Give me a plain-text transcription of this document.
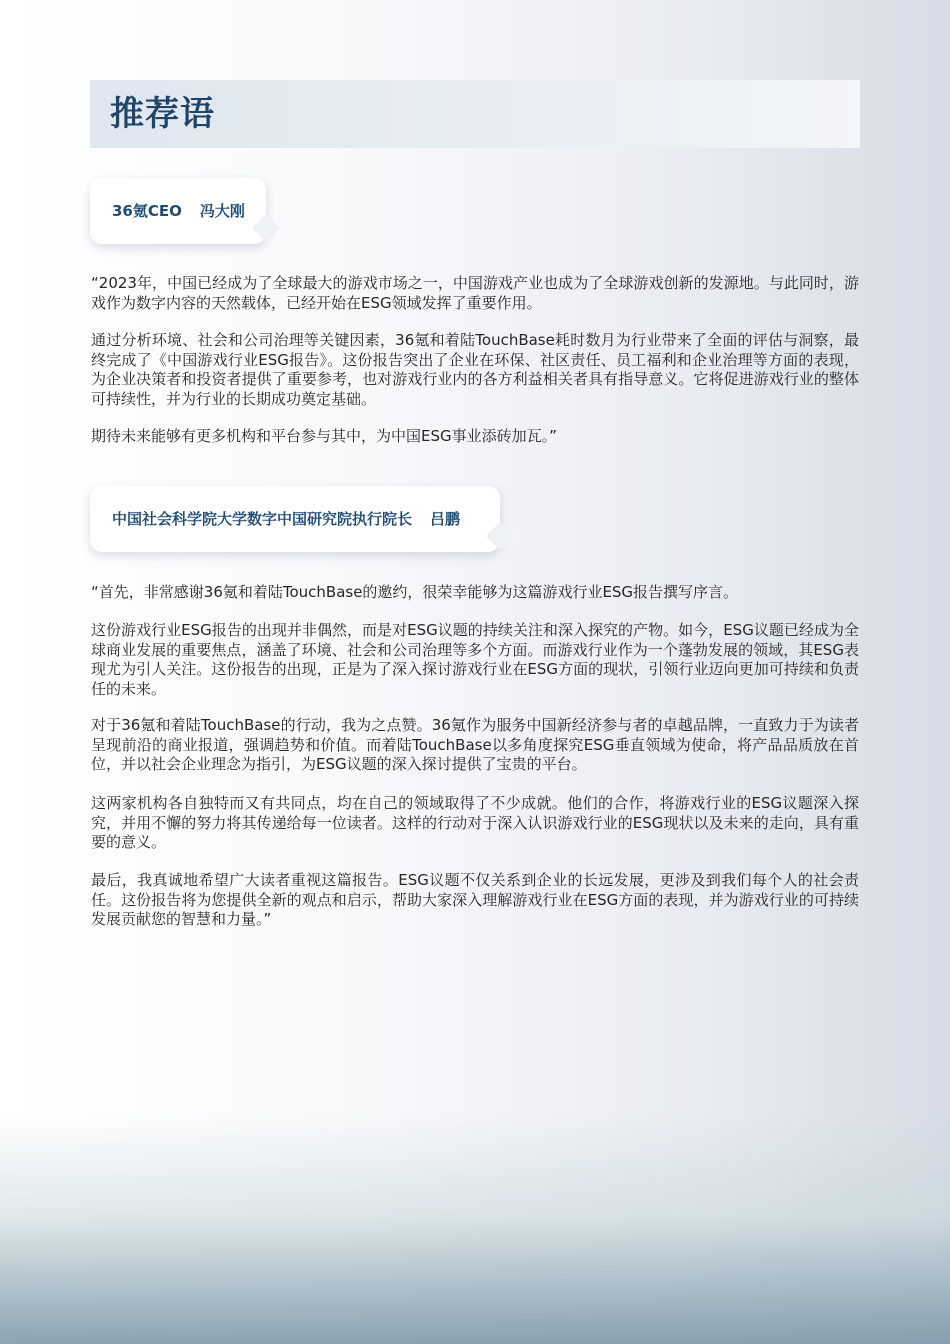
推荐语
36氪CEO 冯大刚

“2023年，中国已经成为了全球最大的游戏市场之一，中国游戏产业也成为了全球游戏创新的发源地。与此同时，游戏作为数字内容的天然载体，已经开始在ESG领域发挥了重要作用。

通过分析环境、社会和公司治理等关键因素，36氪和着陆TouchBase耗时数月为行业带来了全面的评估与洞察，最终完成了《中国游戏行业ESG报告》。这份报告突出了企业在环保、社区责任、员工福利和企业治理等方面的表现，为企业决策者和投资者提供了重要参考，也对游戏行业内的各方利益相关者具有指导意义。它将促进游戏行业的整体可持续性，并为行业的长期成功奠定基础。

期待未来能够有更多机构和平台参与其中，为中国ESG事业添砖加瓦。”

中国社会科学院大学数字中国研究院执行院长 吕鹏

“首先，非常感谢36氪和着陆TouchBase的邀约，很荣幸能够为这篇游戏行业ESG报告撰写序言。

这份游戏行业ESG报告的出现并非偶然，而是对ESG议题的持续关注和深入探究的产物。如今，ESG议题已经成为全球商业发展的重要焦点，涵盖了环境、社会和公司治理等多个方面。而游戏行业作为一个蓬勃发展的领域，其ESG表现尤为引人关注。这份报告的出现，正是为了深入探讨游戏行业在ESG方面的现状，引领行业迈向更加可持续和负责任的未来。

对于36氪和着陆TouchBase的行动，我为之点赞。36氪作为服务中国新经济参与者的卓越品牌，一直致力于为读者呈现前沿的商业报道，强调趋势和价值。而着陆TouchBase以多角度探究ESG垂直领域为使命，将产品品质放在首位，并以社会企业理念为指引，为ESG议题的深入探讨提供了宝贵的平台。

这两家机构各自独特而又有共同点，均在自己的领域取得了不少成就。他们的合作，将游戏行业的ESG议题深入探究，并用不懈的努力将其传递给每一位读者。这样的行动对于深入认识游戏行业的ESG现状以及未来的走向，具有重要的意义。

最后，我真诚地希望广大读者重视这篇报告。ESG议题不仅关系到企业的长远发展，更涉及到我们每个人的社会责任。这份报告将为您提供全新的观点和启示，帮助大家深入理解游戏行业在ESG方面的表现，并为游戏行业的可持续发展贡献您的智慧和力量。”
